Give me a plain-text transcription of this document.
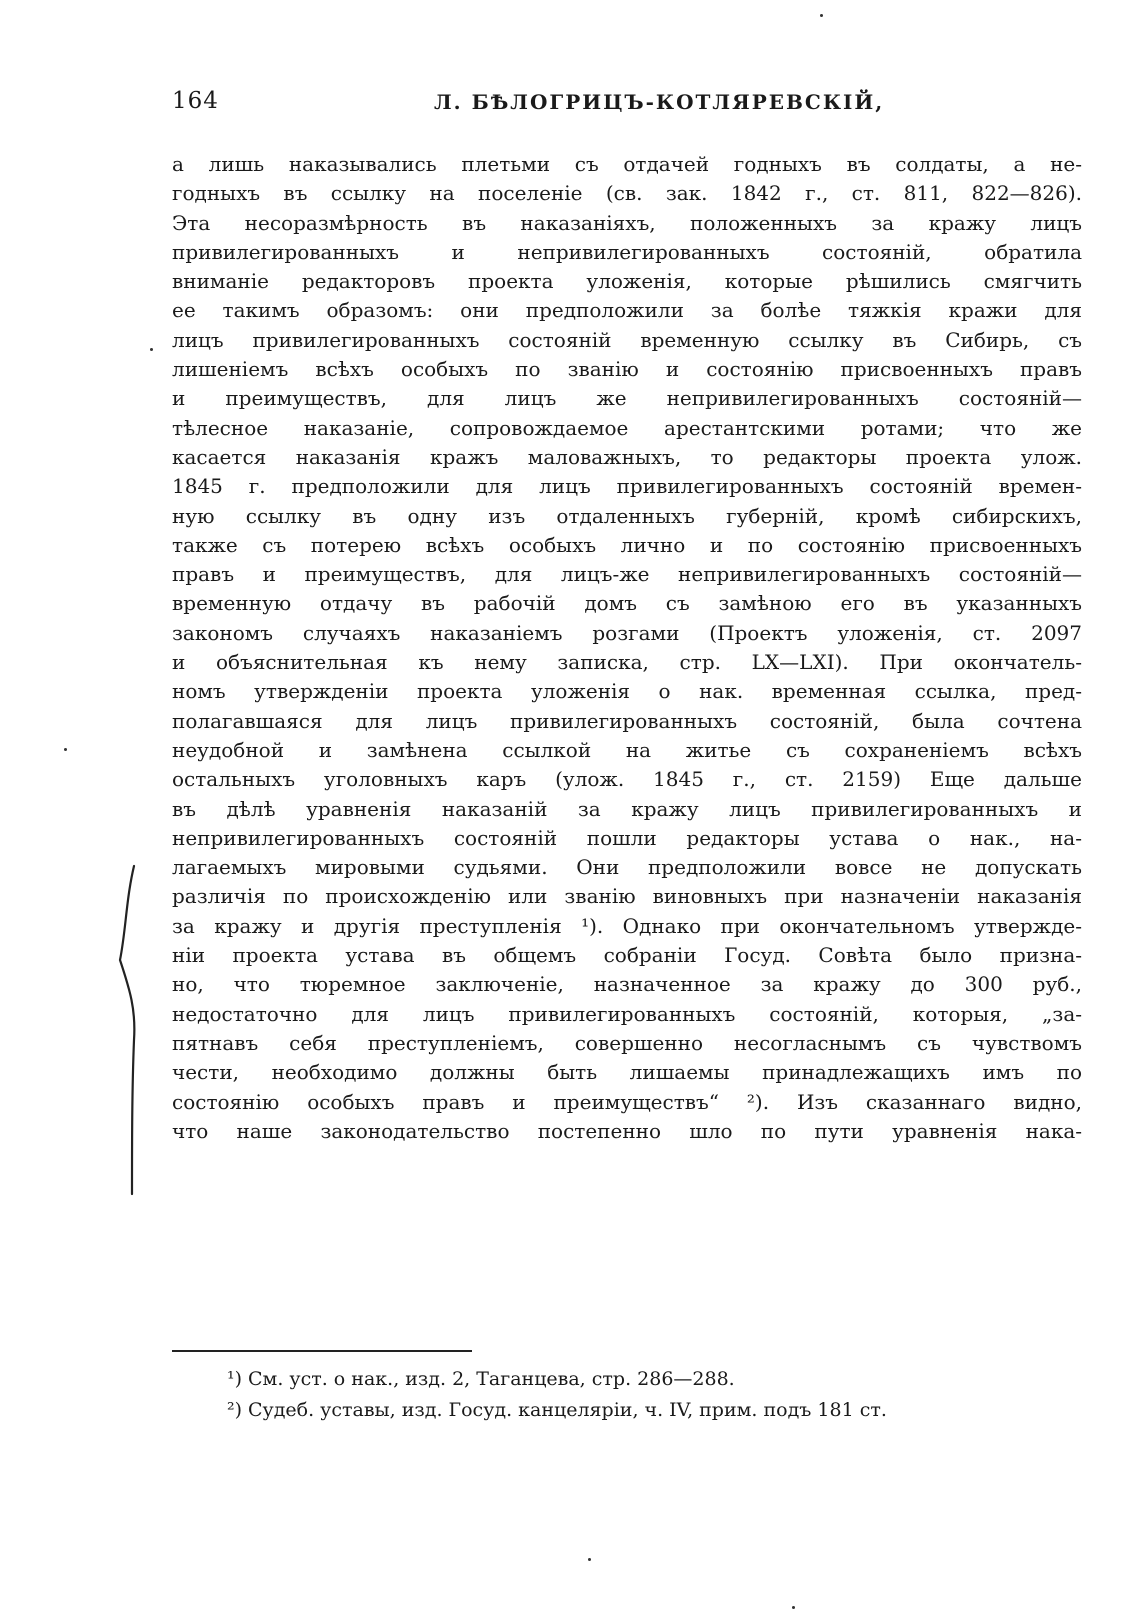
164	Л. БѢЛОГРИЦЪ-КОТЛЯРЕВСКІЙ,
а лишь наказывались плетьми съ отдачей годныхъ въ солдаты, а не-
годныхъ въ ссылку на поселеніе (св. зак. 1842 г., ст. 811, 822—826).
Эта несоразмѣрность въ наказаніяхъ, положенныхъ за кражу лицъ
привилегированныхъ и непривилегированныхъ состояній, обратила
вниманіе редакторовъ проекта уложенія, которые рѣшились смягчить
ее такимъ образомъ: они предположили за болѣе тяжкія кражи для
лицъ привилегированныхъ состояній временную ссылку въ Сибирь, съ
лишеніемъ всѣхъ особыхъ по званію и состоянію присвоенныхъ правъ
и преимуществъ, для лицъ же непривилегированныхъ состояній—
тѣлесное наказаніе, сопровождаемое арестантскими ротами; что же
касается наказанія кражъ маловажныхъ, то редакторы проекта улож.
1845 г. предположили для лицъ привилегированныхъ состояній времен-
ную ссылку въ одну изъ отдаленныхъ губерній, кромѣ сибирскихъ,
также съ потерею всѣхъ особыхъ лично и по состоянію присвоенныхъ
правъ и преимуществъ, для лицъ-же непривилегированныхъ состояній—
временную отдачу въ рабочій домъ съ замѣною его въ указанныхъ
закономъ случаяхъ наказаніемъ розгами (Проектъ уложенія, ст. 2097
и объяснительная къ нему записка, стр. LX—LXI). При окончатель-
номъ утвержденіи проекта уложенія о нак. временная ссылка, пред-
полагавшаяся для лицъ привилегированныхъ состояній, была сочтена
неудобной и замѣнена ссылкой на житье съ сохраненіемъ всѣхъ
остальныхъ уголовныхъ каръ (улож. 1845 г., ст. 2159) Еще дальше
въ дѣлѣ уравненія наказаній за кражу лицъ привилегированныхъ и
непривилегированныхъ состояній пошли редакторы устава о нак., на-
лагаемыхъ мировыми судьями. Они предположили вовсе не допускать
различія по происхожденію или званію виновныхъ при назначеніи наказанія
за кражу и другія преступленія ¹). Однако при окончательномъ утвержде-
ніи проекта устава въ общемъ собраніи Госуд. Совѣта было призна-
но, что тюремное заключеніе, назначенное за кражу до 300 руб.,
недостаточно для лицъ привилегированныхъ состояній, которыя, „за-
пятнавъ себя преступленіемъ, совершенно несогласнымъ съ чувствомъ
чести, необходимо должны быть лишаемы принадлежащихъ имъ по
состоянію особыхъ правъ и преимуществъ“ ²). Изъ сказаннаго видно,
что наше законодательство постепенно шло по пути уравненія нака-
¹) См. уст. о нак., изд. 2, Таганцева, стр. 286—288.
²) Судеб. уставы, изд. Госуд. канцеляріи, ч. IV, прим. подъ 181 ст.
